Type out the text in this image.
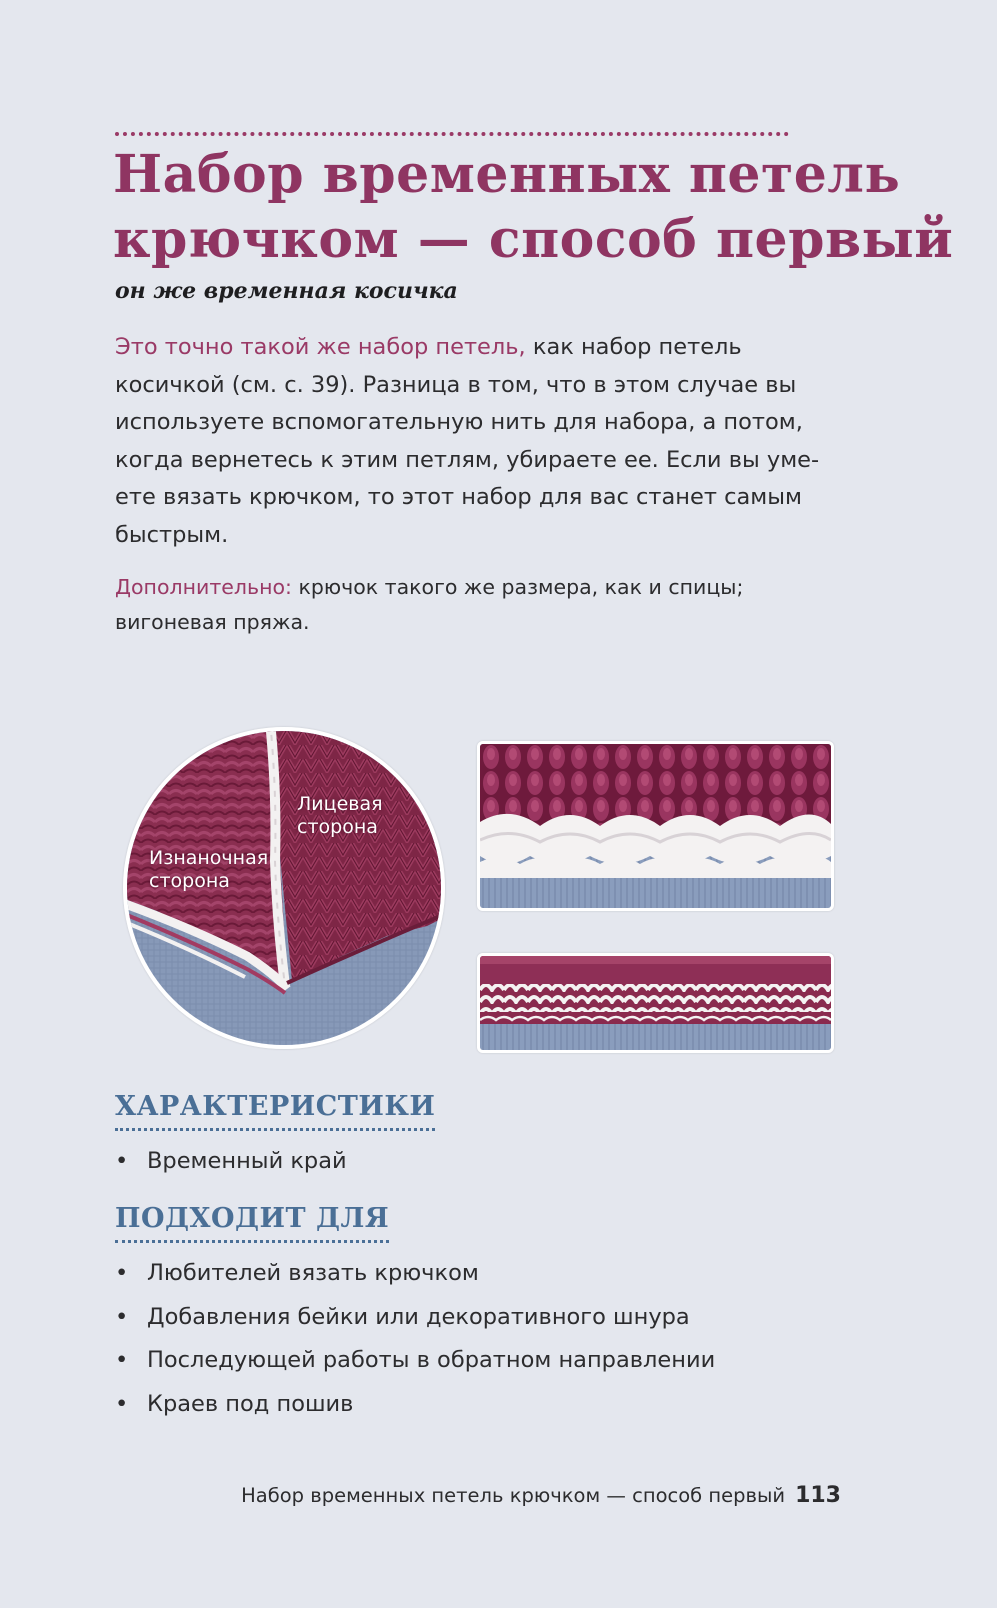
Набор временных петель
крючком — способ первый

он же временная косичка

Это точно такой же набор петель, как набор петель косичкой (см. с. 39). Разница в том, что в этом случае вы используете вспомогательную нить для набора, а потом, когда вернетесь к этим петлям, убираете ее. Если вы уме-ете вязать крючком, то этот набор для вас станет самым быстрым.

Дополнительно: крючок такого же размера, как и спицы; вигоневая пряжа.

Лицевая
сторона

Изнаночная
сторона

ХАРАКТЕРИСТИКИ
• Временный край
ПОДХОДИТ ДЛЯ
• Любителей вязать крючком
• Добавления бейки или декоративного шнура
• Последующей работы в обратном направлении
• Краев под пошив

Набор временных петель крючком — способ первый 113
